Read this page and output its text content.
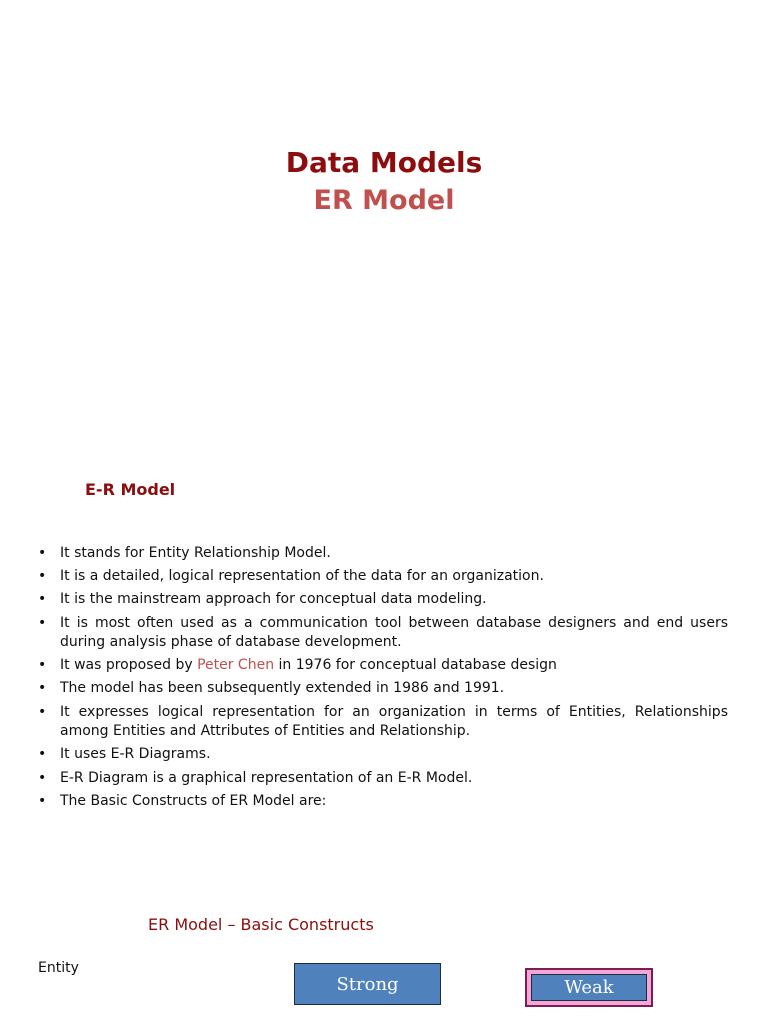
Data Models
ER Model
E-R Model
• It stands for Entity Relationship Model.
• It is a detailed, logical representation of the data for an organization.
• It is the mainstream approach for conceptual data modeling.
• It is most often used as a communication tool between database designers and end users during analysis phase of database development.
• It was proposed by Peter Chen in 1976 for conceptual database design
• The model has been subsequently extended in 1986 and 1991.
• It expresses logical representation for an organization in terms of Entities, Relationships among Entities and Attributes of Entities and Relationship.
• It uses E-R Diagrams.
• E-R Diagram is a graphical representation of an E-R Model.
• The Basic Constructs of ER Model are:
ER Model – Basic Constructs
Entity
Strong	Weak
